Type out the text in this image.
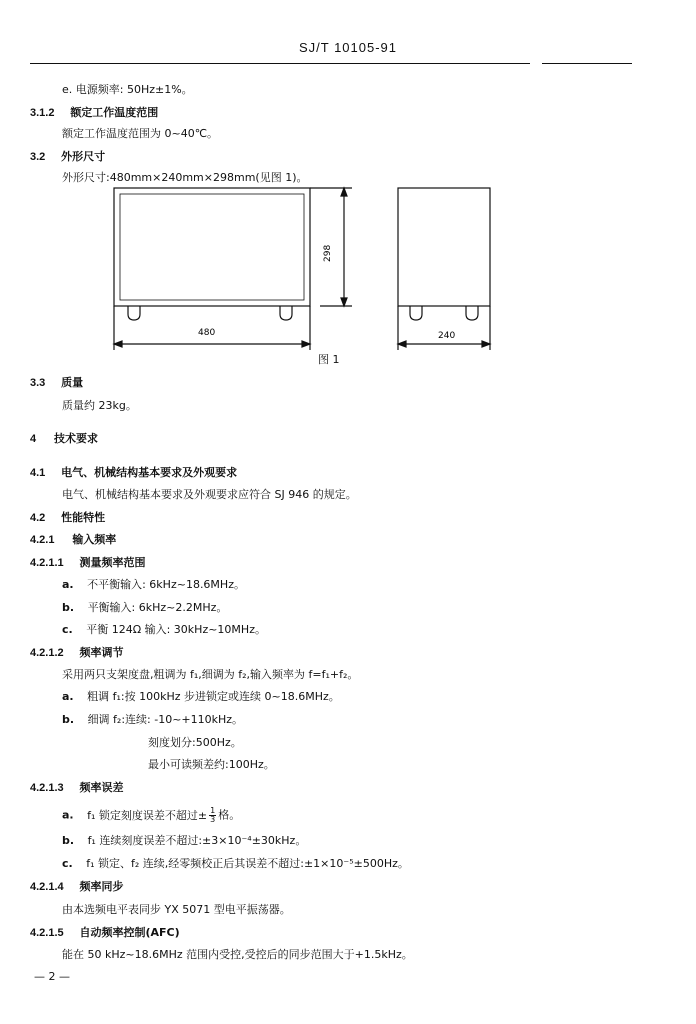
SJ/T 10105-91
e. 电源频率: 50Hz±1%。
3.1.2 额定工作温度范围
额定工作温度范围为 0~40℃。
3.2 外形尺寸
外形尺寸:480mm×240mm×298mm(见图 1)。
298
480	240
图 1
3.3 质量
质量约 23kg。
4 技术要求
4.1 电气、机械结构基本要求及外观要求
电气、机械结构基本要求及外观要求应符合 SJ 946 的规定。
4.2 性能特性
4.2.1 输入频率
4.2.1.1 测量频率范围
a. 不平衡输入: 6kHz~18.6MHz。
b. 平衡输入: 6kHz~2.2MHz。
c. 平衡 124Ω 输入: 30kHz~10MHz。
4.2.1.2 频率调节
采用两只支架度盘,粗调为 f₁,细调为 f₂,输入频率为 f=f₁+f₂。
a. 粗调 f₁:按 100kHz 步进锁定或连续 0~18.6MHz。
b. 细调 f₂:连续: -10~+110kHz。
刻度划分:500Hz。
最小可读频差约:100Hz。
4.2.1.3 频率误差
a. f₁ 锁定刻度误差不超过± $\frac{1}{3}$ 格。
b. f₁ 连续刻度误差不超过:±3×10⁻⁴±30kHz。
c. f₁ 锁定、f₂ 连续,经零频校正后其误差不超过:±1×10⁻⁵±500Hz。
4.2.1.4 频率同步
由本选频电平表同步 YX 5071 型电平振荡器。
4.2.1.5 自动频率控制(AFC)
能在 50 kHz~18.6MHz 范围内受控,受控后的同步范围大于+1.5kHz。
— 2 —
